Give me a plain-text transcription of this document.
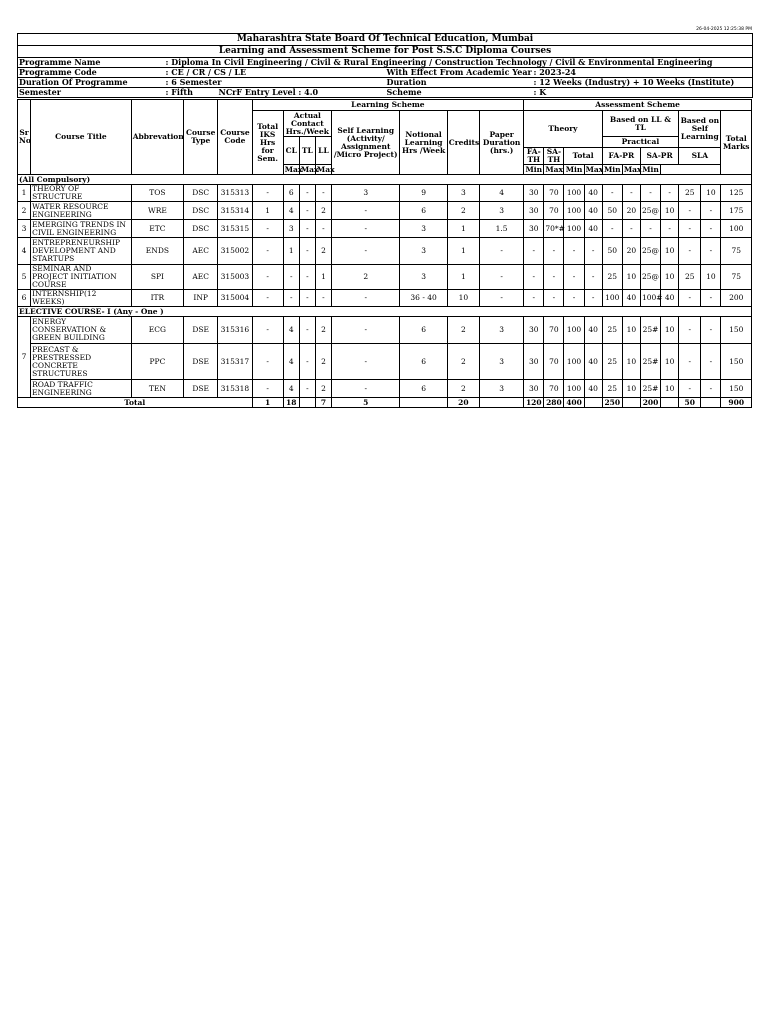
26-04-2025 12:25:38 PM
Maharashtra State Board Of Technical Education, Mumbai				
Learning and Assessment Scheme for Post S.S.C Diploma Courses				
Programme Name	: Diploma In Civil Engineering / Civil & Rural Engineering / Construction Technology / Civil & Environmental Engineering			
Programme Code	: CE / CR / CS / LE		With Effect From Academic Year	: 2023-24
Duration Of Programme	: 6 Semester		Duration	: 12 Weeks (Industry) + 10 Weeks (Institute)
Semester	: Fifth	NCrF Entry Level : 4.0	Scheme	: K
Sr No	Course Title	Abbrevation	Course Type	Course Code	Learning Scheme								Assessment Scheme										
					Total IKS Hrs for Sem.	Actual Contact Hrs./Week			Self Learning (Activity/ Assignment /Micro Project)	Notional Learning Hrs /Week	Credits	Paper Duration (hrs.)	Theory				Based on LL & TL				Based on Self Learning		Total Marks

						CL	TL	LL									Practical						
													FA-TH	SA-TH	Total		FA-PR		SA-PR		SLA		
						Max	Max	Max					Min	Max	Min	Max	Min	Max	Min				
(All Compulsory)																							
1	THEORY OF STRUCTURE	TOS	DSC	315313	-	6	-	-	3	9	3	4	30	70	100	40	-	-	-	-	25	10	125
2	WATER RESOURCE ENGINEERING	WRE	DSC	315314	1	4	-	2	-	6	2	3	30	70	100	40	50	20	25@	10	-	-	175
3	EMERGING TRENDS IN CIVIL ENGINEERING	ETC	DSC	315315	-	3	-	-	-	3	1	1.5	30	70*#	100	40	-	-	-	-	-	-	100
4	ENTREPRENEURSHIP DEVELOPMENT AND STARTUPS	ENDS	AEC	315002	-	1	-	2	-	3	1	-	-	-	-	-	50	20	25@	10	-	-	75
5	SEMINAR AND PROJECT INITIATION COURSE	SPI	AEC	315003	-	-	-	1	2	3	1	-	-	-	-	-	25	10	25@	10	25	10	75
6	INTERNSHIP(12 WEEKS)	ITR	INP	315004	-	-	-	-	-	36 - 40	10	-	-	-	-	-	100	40	100#	40	-	-	200
ELECTIVE COURSE- I (Any - One )																							
7	ENERGY CONSERVATION & GREEN BUILDING	ECG	DSE	315316	-	4	-	2	-	6	2	3	30	70	100	40	25	10	25#	10	-	-	150
	PRECAST & PRESTRESSED CONCRETE STRUCTURES	PPC	DSE	315317	-	4	-	2	-	6	2	3	30	70	100	40	25	10	25#	10	-	-	150
	ROAD TRAFFIC ENGINEERING	TEN	DSE	315318	-	4	-	2	-	6	2	3	30	70	100	40	25	10	25#	10	-	-	150
Total					1	18		7	5		20		120	280	400		250		200		50		900
